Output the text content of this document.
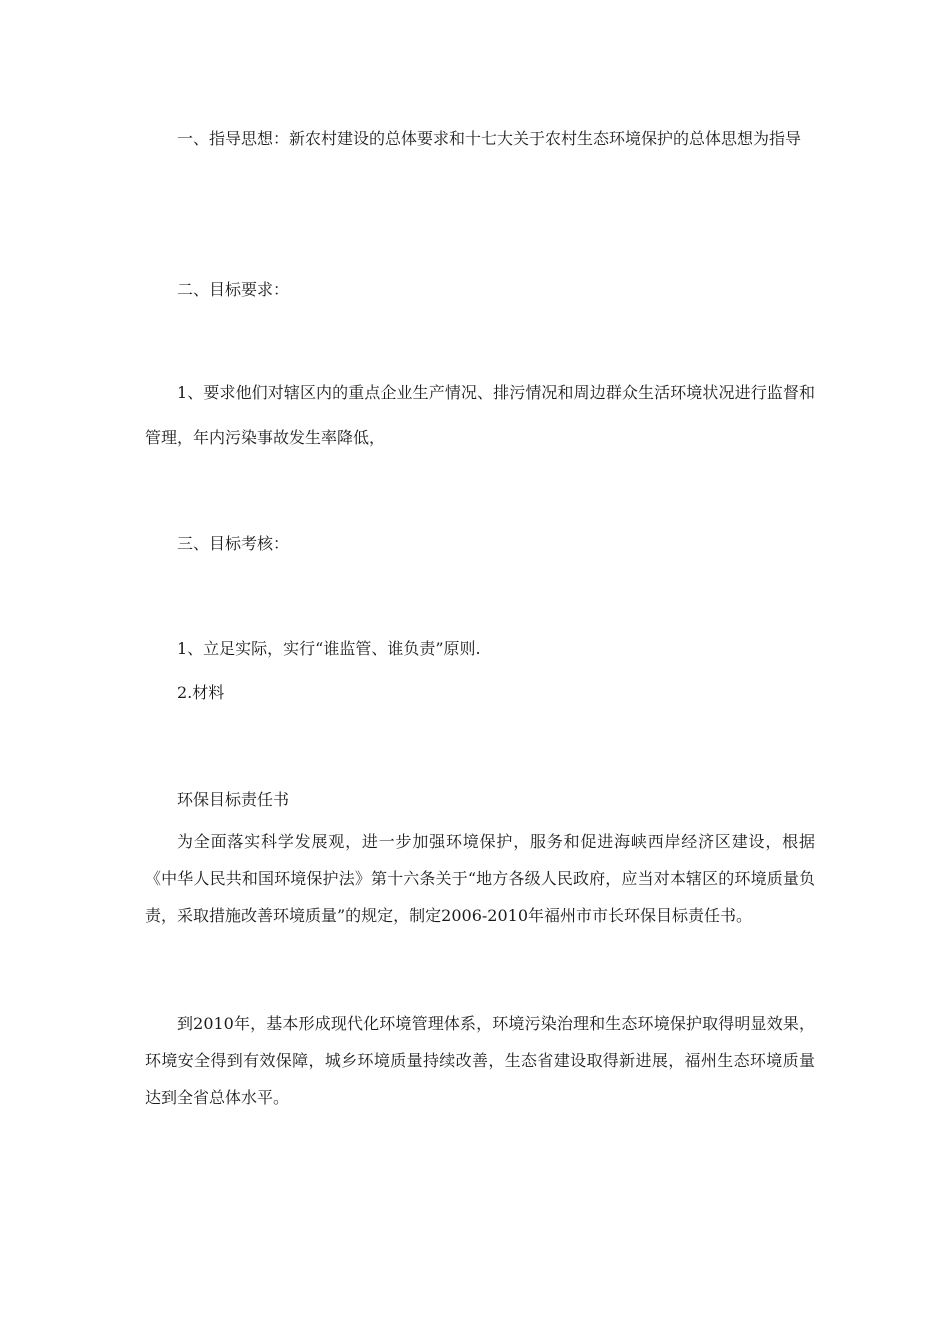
一、指导思想：新农村建设的总体要求和十七大关于农村生态环境保护的总体思想为指导

二、目标要求：

1、要求他们对辖区内的重点企业生产情况、排污情况和周边群众生活环境状况进行监督和管理，年内污染事故发生率降低，

三、目标考核：

1、立足实际，实行“谁监管、谁负责”原则.

2.材料

环保目标责任书

为全面落实科学发展观，进一步加强环境保护，服务和促进海峡西岸经济区建设，根据《中华人民共和国环境保护法》第十六条关于“地方各级人民政府，应当对本辖区的环境质量负责，采取措施改善环境质量”的规定，制定2006-2010年福州市市长环保目标责任书。

到2010年，基本形成现代化环境管理体系，环境污染治理和生态环境保护取得明显效果，环境安全得到有效保障，城乡环境质量持续改善，生态省建设取得新进展，福州生态环境质量达到全省总体水平。
